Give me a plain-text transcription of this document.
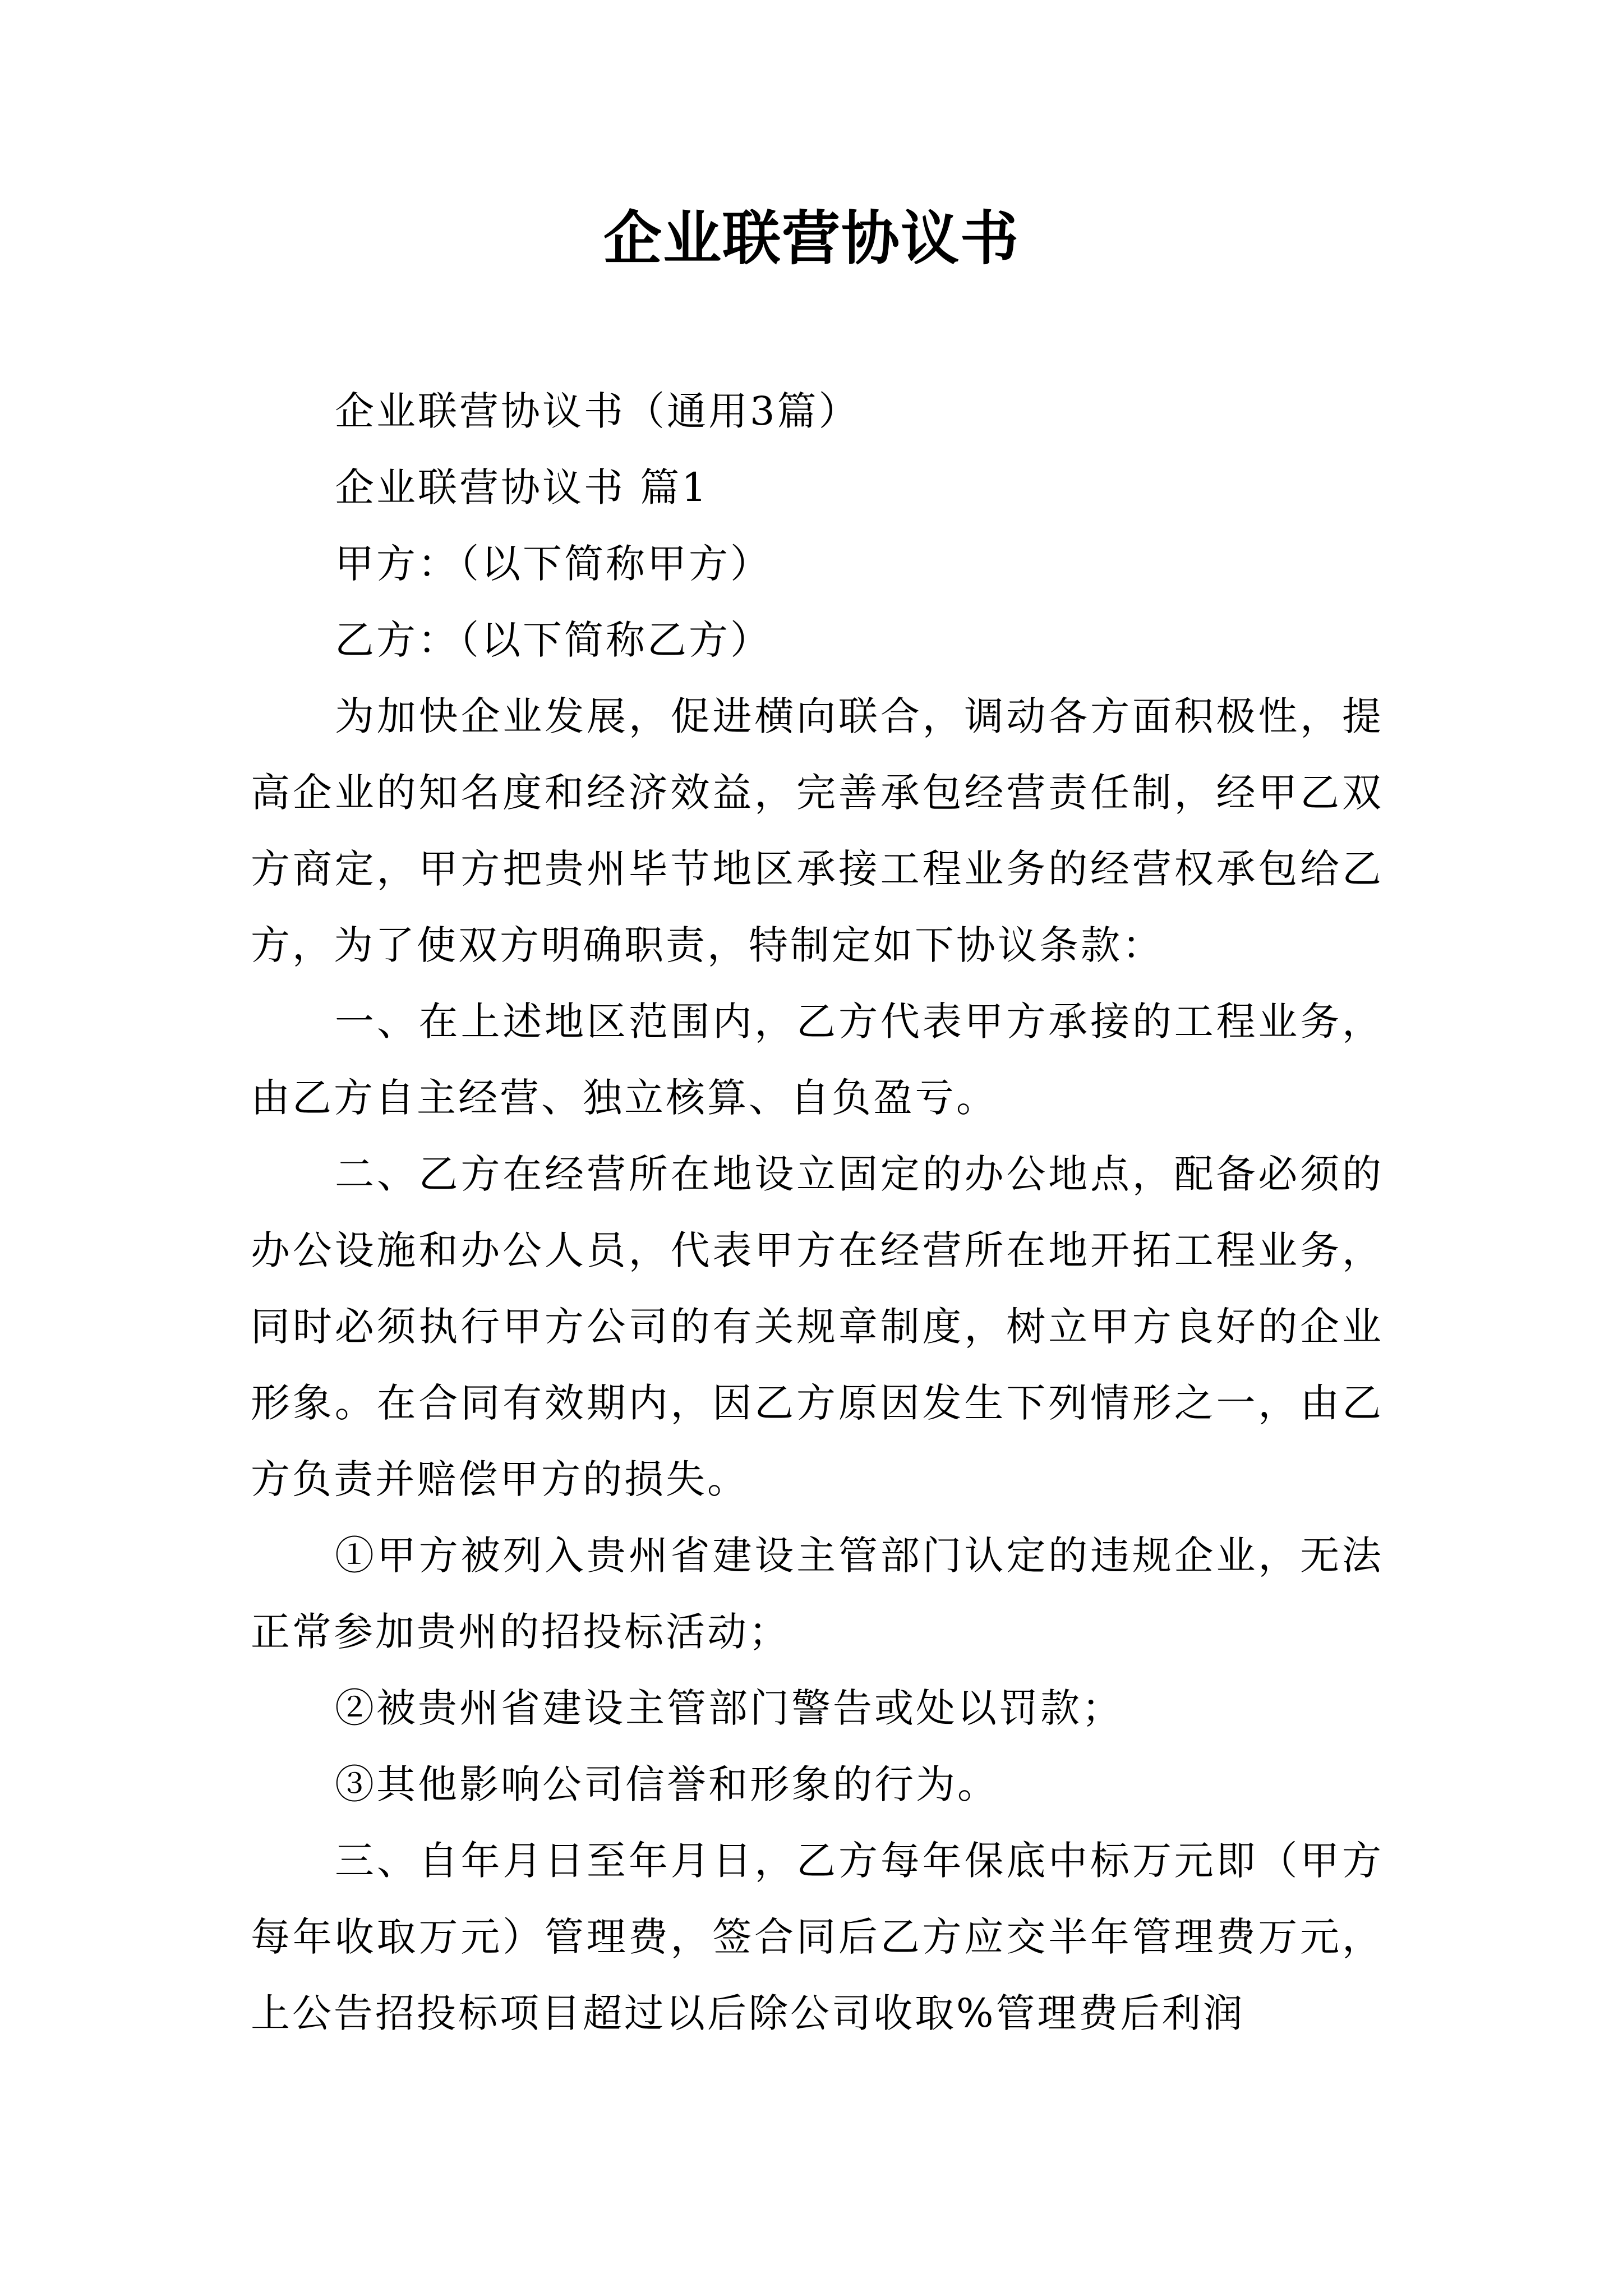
企业联营协议书

企业联营协议书（通用3篇）

企业联营协议书 篇1

甲方：（以下简称甲方）

乙方：（以下简称乙方）

为加快企业发展，促进横向联合，调动各方面积极性，提高企业的知名度和经济效益，完善承包经营责任制，经甲乙双方商定，甲方把贵州毕节地区承接工程业务的经营权承包给乙方，为了使双方明确职责，特制定如下协议条款：

一、在上述地区范围内，乙方代表甲方承接的工程业务，由乙方自主经营、独立核算、自负盈亏。

二、乙方在经营所在地设立固定的办公地点，配备必须的办公设施和办公人员，代表甲方在经营所在地开拓工程业务，同时必须执行甲方公司的有关规章制度，树立甲方良好的企业形象。在合同有效期内，因乙方原因发生下列情形之一，由乙方负责并赔偿甲方的损失。

①甲方被列入贵州省建设主管部门认定的违规企业，无法正常参加贵州的招投标活动；

②被贵州省建设主管部门警告或处以罚款；

③其他影响公司信誉和形象的行为。

三、自年月日至年月日，乙方每年保底中标万元即（甲方每年收取万元）管理费，签合同后乙方应交半年管理费万元，上公告招投标项目超过以后除公司收取%管理费后利润
